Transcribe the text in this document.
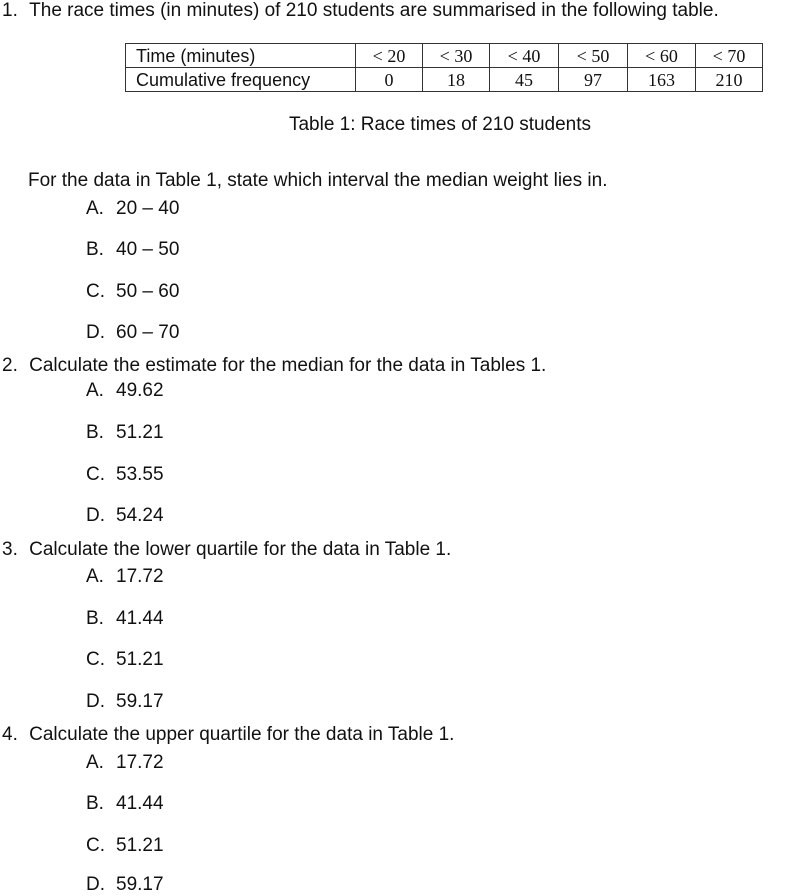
1. The race times (in minutes) of 210 students are summarised in the following table.
Time (minutes)	< 20	< 30	< 40	< 50	< 60	< 70
Cumulative frequency	0	18	45	97	163	210
Table 1: Race times of 210 students
For the data in Table 1, state which interval the median weight lies in.
A. 20 – 40
B. 40 – 50
C. 50 – 60
D. 60 – 70
2. Calculate the estimate for the median for the data in Tables 1.
A. 49.62
B. 51.21
C. 53.55
D. 54.24
3. Calculate the lower quartile for the data in Table 1.
A. 17.72
B. 41.44
C. 51.21
D. 59.17
4. Calculate the upper quartile for the data in Table 1.
A. 17.72
B. 41.44
C. 51.21
D. 59.17
